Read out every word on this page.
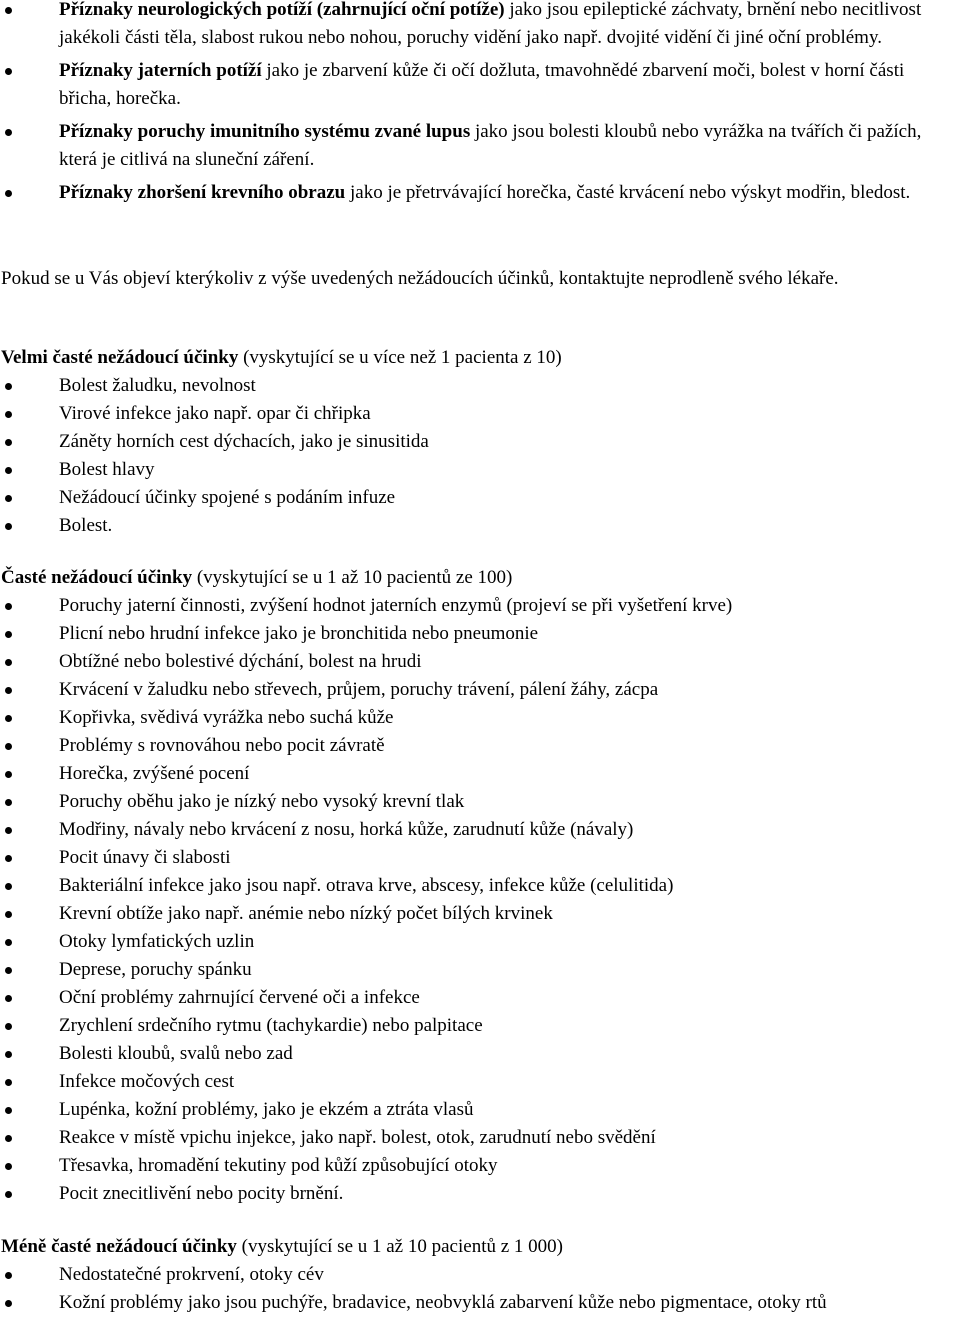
Příznaky neurologických potíží (zahrnující oční potíže) jako jsou epileptické záchvaty, brnění nebo necitlivost jakékoli části těla, slabost rukou nebo nohou, poruchy vidění jako např. dvojité vidění či jiné oční problémy.
Příznaky jaterních potíží jako je zbarvení kůže či očí dožluta, tmavohnědé zbarvení moči, bolest v horní části břicha, horečka.
Příznaky poruchy imunitního systému zvané lupus jako jsou bolesti kloubů nebo vyrážka na tvářích či pažích, která je citlivá na sluneční záření.
Příznaky zhoršení krevního obrazu jako je přetrvávající horečka, časté krvácení nebo výskyt modřin, bledost.

Pokud se u Vás objeví kterýkoliv z výše uvedených nežádoucích účinků, kontaktujte neprodleně svého lékaře.

Velmi časté nežádoucí účinky (vyskytující se u více než 1 pacienta z 10)
Bolest žaludku, nevolnost
Virové infekce jako např. opar či chřipka
Záněty horních cest dýchacích, jako je sinusitida
Bolest hlavy
Nežádoucí účinky spojené s podáním infuze
Bolest.
Časté nežádoucí účinky (vyskytující se u 1 až 10 pacientů ze 100)
Poruchy jaterní činnosti, zvýšení hodnot jaterních enzymů (projeví se při vyšetření krve)
Plicní nebo hrudní infekce jako je bronchitida nebo pneumonie
Obtížné nebo bolestivé dýchání, bolest na hrudi
Krvácení v žaludku nebo střevech, průjem, poruchy trávení, pálení žáhy, zácpa
Kopřivka, svědivá vyrážka nebo suchá kůže
Problémy s rovnováhou nebo pocit závratě
Horečka, zvýšené pocení
Poruchy oběhu jako je nízký nebo vysoký krevní tlak
Modřiny, návaly nebo krvácení z nosu, horká kůže, zarudnutí kůže (návaly)
Pocit únavy či slabosti
Bakteriální infekce jako jsou např. otrava krve, abscesy, infekce kůže (celulitida)
Krevní obtíže jako např. anémie nebo nízký počet bílých krvinek
Otoky lymfatických uzlin
Deprese, poruchy spánku
Oční problémy zahrnující červené oči a infekce
Zrychlení srdečního rytmu (tachykardie) nebo palpitace
Bolesti kloubů, svalů nebo zad
Infekce močových cest
Lupénka, kožní problémy, jako je ekzém a ztráta vlasů
Reakce v místě vpichu injekce, jako např. bolest, otok, zarudnutí nebo svědění
Třesavka, hromadění tekutiny pod kůží způsobující otoky
Pocit znecitlivění nebo pocity brnění.
Méně časté nežádoucí účinky (vyskytující se u 1 až 10 pacientů z 1 000)
Nedostatečné prokrvení, otoky cév
Kožní problémy jako jsou puchýře, bradavice, neobvyklá zabarvení kůže nebo pigmentace, otoky rtů
